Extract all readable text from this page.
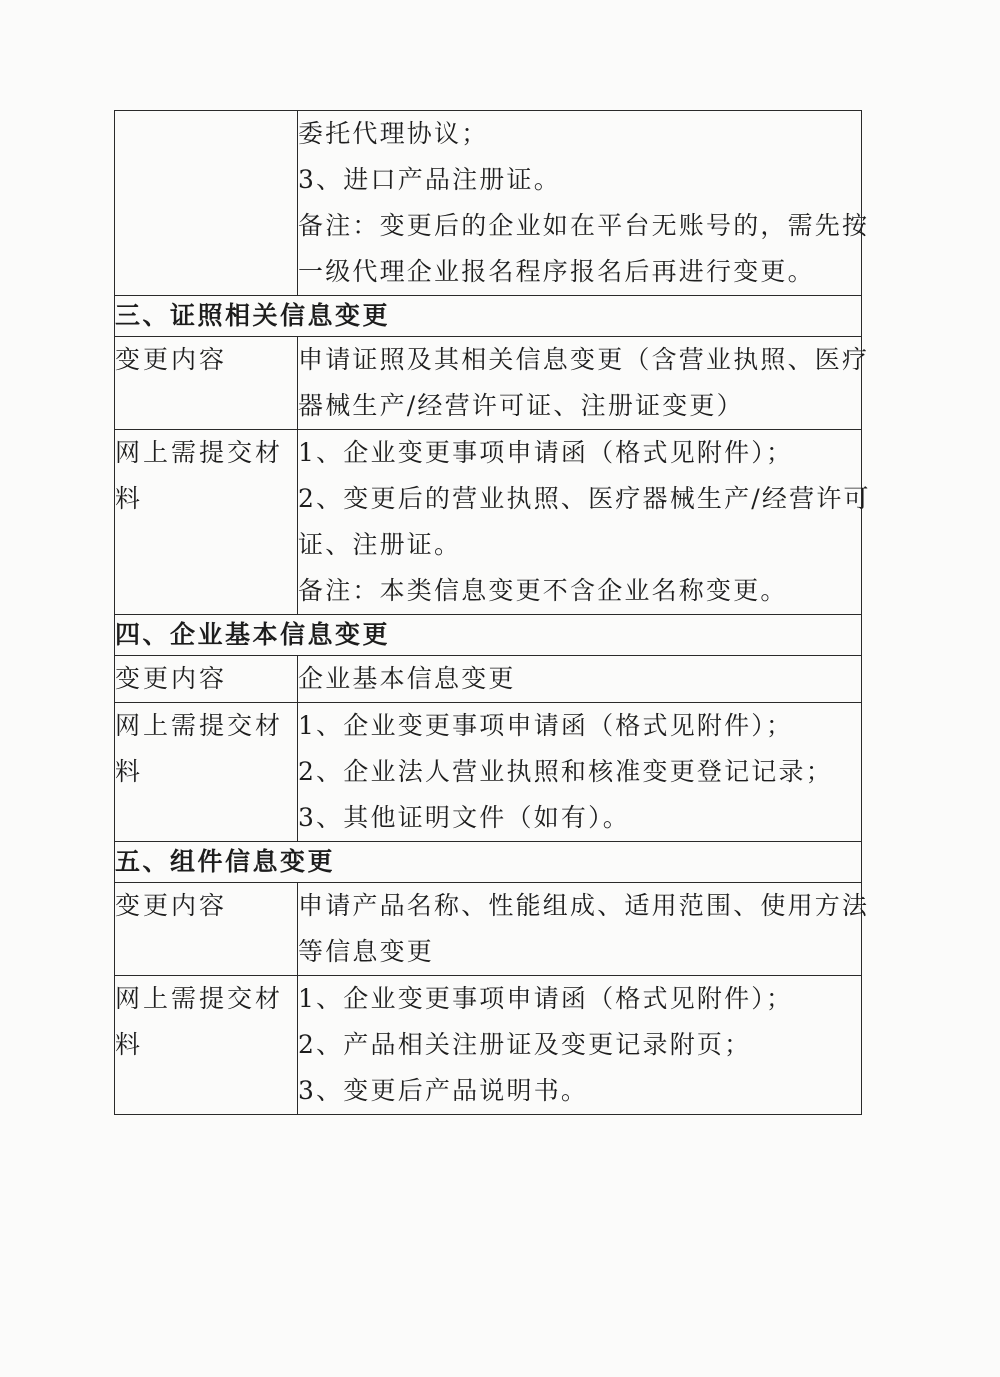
	委托代理协议；
3、进口产品注册证。
备注：变更后的企业如在平台无账号的，需先按
一级代理企业报名程序报名后再进行变更。

三、证照相关信息变更	
变更内容	申请证照及其相关信息变更（含营业执照、医疗
器械生产/经营许可证、注册证变更）

网上需提交材料	1、企业变更事项申请函（格式见附件）；
2、变更后的营业执照、医疗器械生产/经营许可
证、注册证。
备注：本类信息变更不含企业名称变更。

四、企业基本信息变更	
变更内容	企业基本信息变更

网上需提交材料	1、企业变更事项申请函（格式见附件）；
2、企业法人营业执照和核准变更登记记录；
3、其他证明文件（如有）。

五、组件信息变更	
变更内容	申请产品名称、性能组成、适用范围、使用方法
等信息变更

网上需提交材料	1、企业变更事项申请函（格式见附件）；
2、产品相关注册证及变更记录附页；
3、变更后产品说明书。
